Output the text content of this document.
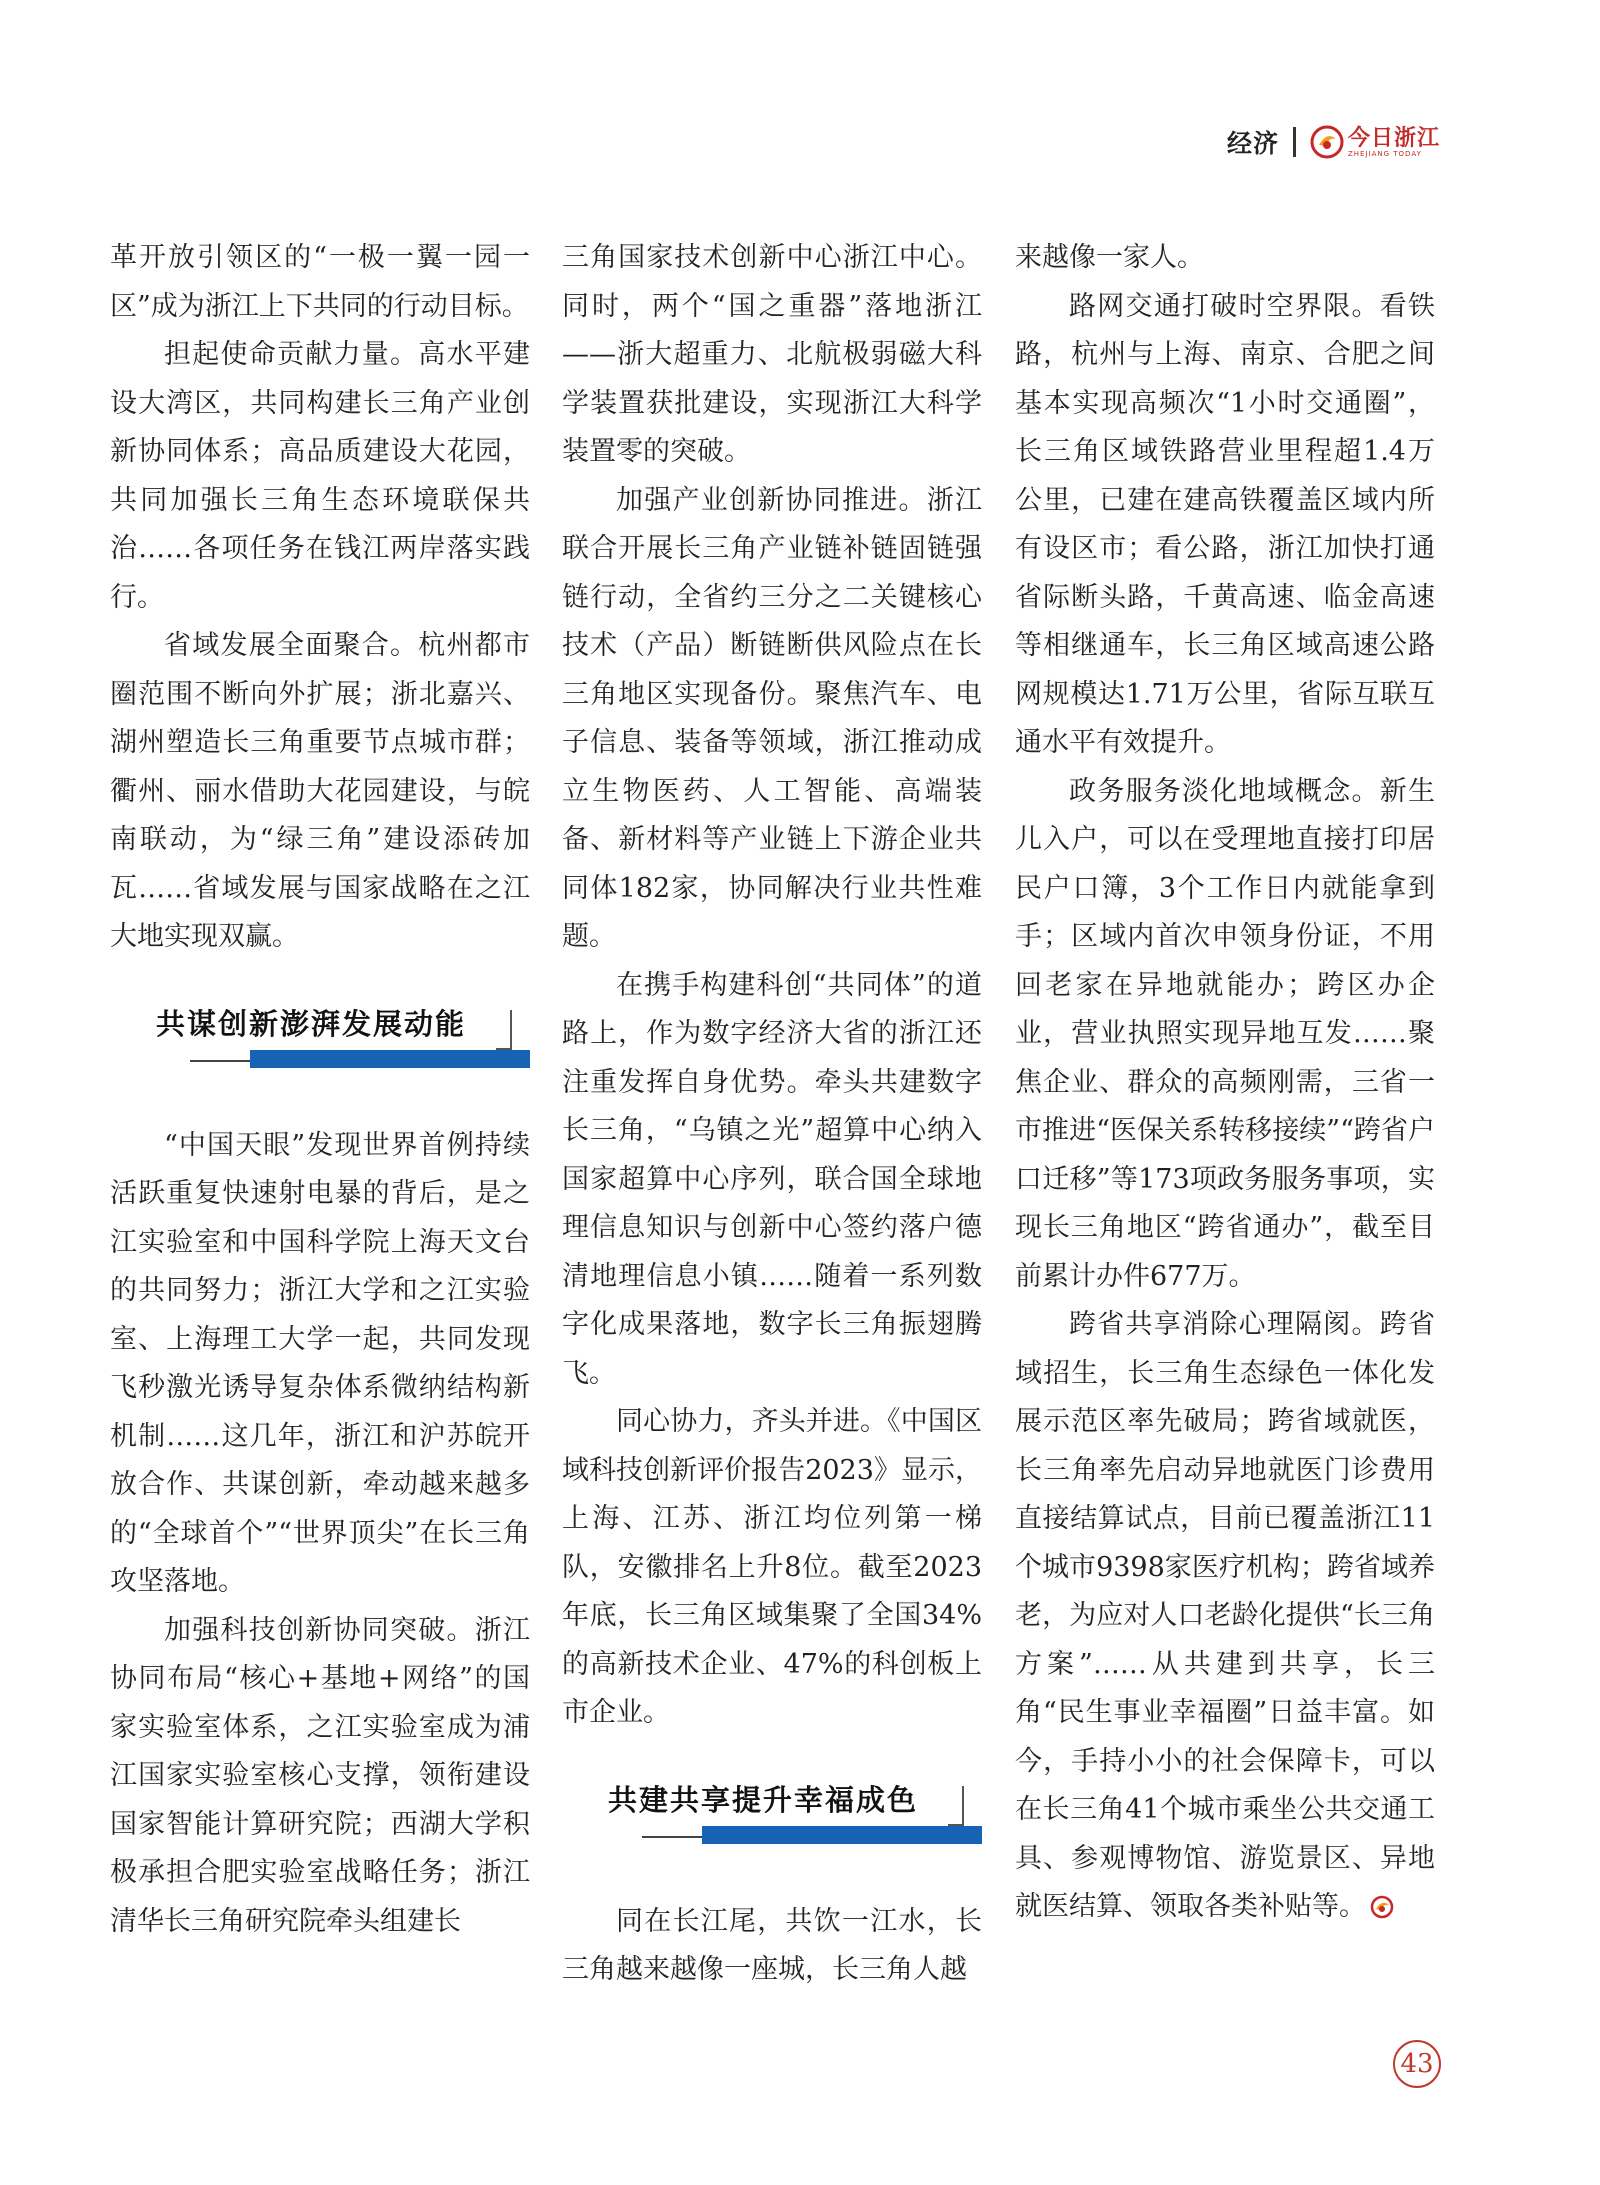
经济	今日浙江
ZHEJIANG TODAY

革开放引领区的“一极一翼一园一区”成为浙江上下共同的行动目标。

担起使命贡献力量。高水平建设大湾区，共同构建长三角产业创新协同体系；高品质建设大花园，共同加强长三角生态环境联保共治……各项任务在钱江两岸落实践行。

省域发展全面聚合。杭州都市圈范围不断向外扩展；浙北嘉兴、湖州塑造长三角重要节点城市群；衢州、丽水借助大花园建设，与皖南联动，为“绿三角”建设添砖加瓦……省域发展与国家战略在之江大地实现双赢。

共谋创新澎湃发展动能

“中国天眼”发现世界首例持续活跃重复快速射电暴的背后，是之江实验室和中国科学院上海天文台的共同努力；浙江大学和之江实验室、上海理工大学一起，共同发现飞秒激光诱导复杂体系微纳结构新机制……这几年，浙江和沪苏皖开放合作、共谋创新，牵动越来越多的“全球首个”“世界顶尖”在长三角攻坚落地。

加强科技创新协同突破。浙江协同布局“核心+基地+网络”的国家实验室体系，之江实验室成为浦江国家实验室核心支撑，领衔建设国家智能计算研究院；西湖大学积极承担合肥实验室战略任务；浙江清华长三角研究院牵头组建长

三角国家技术创新中心浙江中心。同时，两个“国之重器”落地浙江——浙大超重力、北航极弱磁大科学装置获批建设，实现浙江大科学装置零的突破。

加强产业创新协同推进。浙江联合开展长三角产业链补链固链强链行动，全省约三分之二关键核心技术（产品）断链断供风险点在长三角地区实现备份。聚焦汽车、电子信息、装备等领域，浙江推动成立生物医药、人工智能、高端装备、新材料等产业链上下游企业共同体182家，协同解决行业共性难题。

在携手构建科创“共同体”的道路上，作为数字经济大省的浙江还注重发挥自身优势。牵头共建数字长三角，“乌镇之光”超算中心纳入国家超算中心序列，联合国全球地理信息知识与创新中心签约落户德清地理信息小镇……随着一系列数字化成果落地，数字长三角振翅腾飞。

同心协力，齐头并进。《中国区域科技创新评价报告2023》显示，上海、江苏、浙江均位列第一梯队，安徽排名上升8位。截至2023年底，长三角区域集聚了全国34%的高新技术企业、47%的科创板上市企业。

共建共享提升幸福成色

同在长江尾，共饮一江水，长三角越来越像一座城，长三角人越

来越像一家人。

路网交通打破时空界限。看铁路，杭州与上海、南京、合肥之间基本实现高频次“1小时交通圈”，长三角区域铁路营业里程超1.4万公里，已建在建高铁覆盖区域内所有设区市；看公路，浙江加快打通省际断头路，千黄高速、临金高速等相继通车，长三角区域高速公路网规模达1.71万公里，省际互联互通水平有效提升。

政务服务淡化地域概念。新生儿入户，可以在受理地直接打印居民户口簿，3个工作日内就能拿到手；区域内首次申领身份证，不用回老家在异地就能办；跨区办企业，营业执照实现异地互发……聚焦企业、群众的高频刚需，三省一市推进“医保关系转移接续”“跨省户口迁移”等173项政务服务事项，实现长三角地区“跨省通办”，截至目前累计办件677万。

跨省共享消除心理隔阂。跨省域招生，长三角生态绿色一体化发展示范区率先破局；跨省域就医，长三角率先启动异地就医门诊费用直接结算试点，目前已覆盖浙江11个城市9398家医疗机构；跨省域养老，为应对人口老龄化提供“长三角方案”……从共建到共享，长三角“民生事业幸福圈”日益丰富。如今，手持小小的社会保障卡，可以在长三角41个城市乘坐公共交通工具、参观博物馆、游览景区、异地就医结算、领取各类补贴等。

43
